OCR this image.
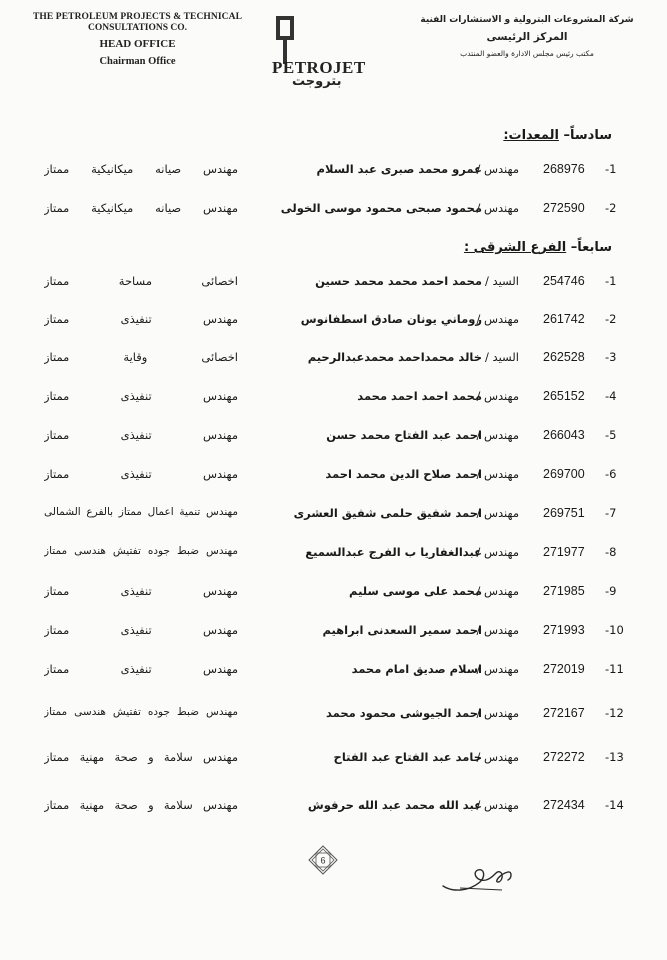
THE PETROLEUM PROJECTS & TECHNICAL
CONSULTATIONS CO.
HEAD OFFICE
Chairman Office	PETROJET
بتروجت
شركة المشروعات البترولية و الاستشارات الفنية
المركز الرئيسى
مكتب رئيس مجلس الادارة والعضو المنتدب
سادساً– المعدات:
-1
268976
مهندس /
عمرو محمد صبرى عبد السلام
مهندس صيانه ميكانيكية ممتاز
-2
272590
مهندس /
محمود صبحى محمود موسى الخولى
مهندس صيانه ميكانيكية ممتاز
سابعاً– الفرع الشرقى :
-1
254746
السيد /
محمد احمد محمد محمد حسين
اخصائى مساحة ممتاز
-2
261742
مهندس /
روماني يونان صادق اسطفانوس
مهندس تنفيذى ممتاز
-3
262528
السيد /
خالد محمداحمد محمدعبدالرحيم
اخصائى وقاية ممتاز
-4
265152
مهندس /
محمد احمد احمد محمد
مهندس تنفيذى ممتاز
-5
266043
مهندس /
احمد عبد الفتاح محمد حسن
مهندس تنفيذى ممتاز
-6
269700
مهندس /
احمد صلاح الدين محمد احمد
مهندس تنفيذى ممتاز
-7
269751
مهندس /
احمد شفيق حلمى شفيق العشرى
مهندس تنمية اعمال ممتاز بالفرع الشمالى
-8
271977
مهندس /
عبدالغفاريا ب الفرج عبدالسميع
مهندس ضبط جوده تفتيش هندسى ممتاز
-9
271985
مهندس /
محمد على موسى سليم
مهندس تنفيذى ممتاز
-10
271993
مهندس /
احمد سمير السعدنى ابراهيم
مهندس تنفيذى ممتاز
-11
272019
مهندس /
اسلام صديق امام محمد
مهندس تنفيذى ممتاز
-12
272167
مهندس /
احمد الجيوشى محمود محمد
مهندس ضبط جوده تفتيش هندسى ممتاز
-13
272272
مهندس /
حامد عبد الفتاح عبد الفتاح
مهندس سلامة و صحة مهنية ممتاز
-14
272434
مهندس /
عبد الله محمد عبد الله حرفوش
مهندس سلامة و صحة مهنية ممتاز
6
